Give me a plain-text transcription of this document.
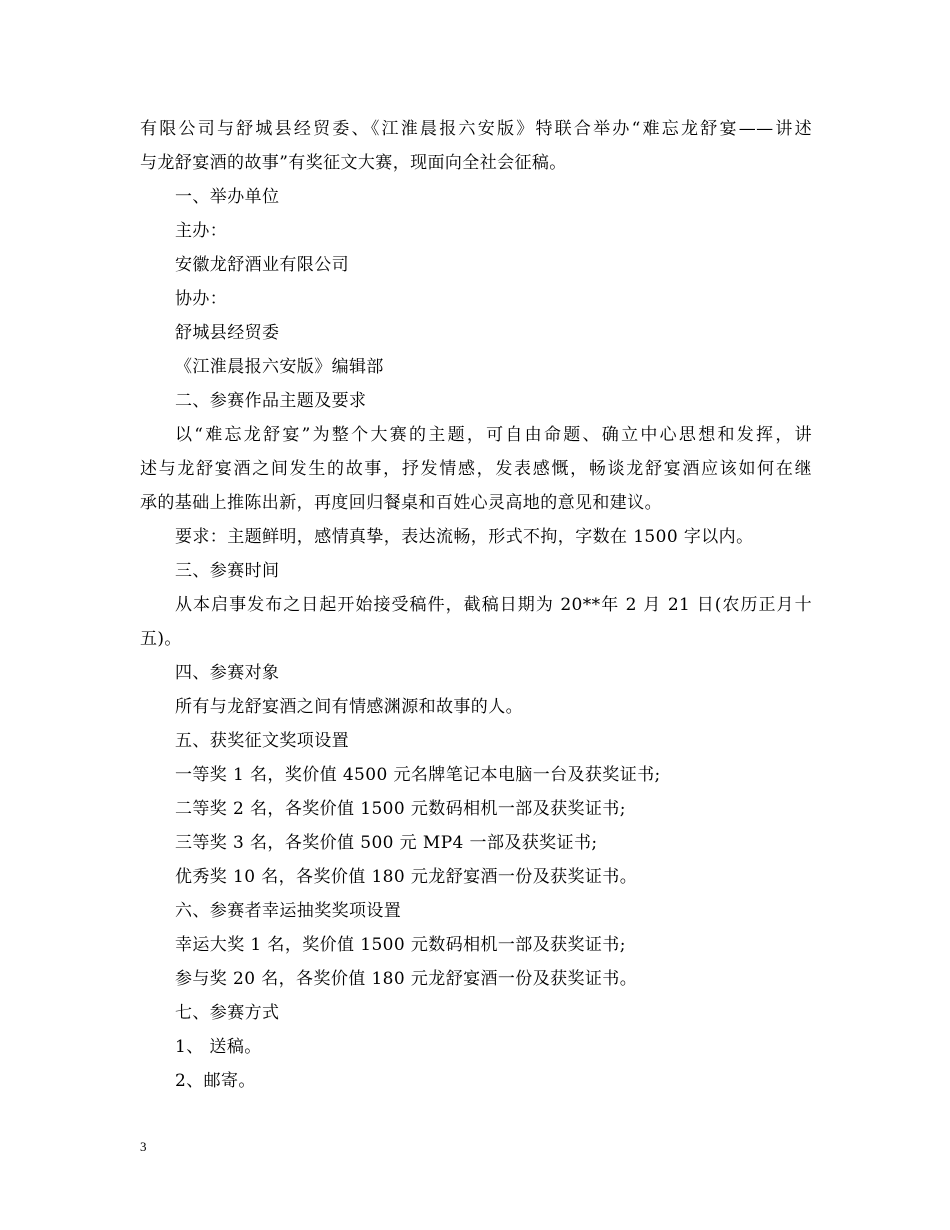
有限公司与舒城县经贸委、《江淮晨报六安版》特联合举办“难忘龙舒宴——讲述
与龙舒宴酒的故事”有奖征文大赛，现面向全社会征稿。
一、举办单位
主办：
安徽龙舒酒业有限公司
协办：
舒城县经贸委
《江淮晨报六安版》编辑部
二、参赛作品主题及要求
以“难忘龙舒宴”为整个大赛的主题，可自由命题、确立中心思想和发挥，讲
述与龙舒宴酒之间发生的故事，抒发情感，发表感慨，畅谈龙舒宴酒应该如何在继
承的基础上推陈出新，再度回归餐桌和百姓心灵高地的意见和建议。
要求：主题鲜明，感情真挚，表达流畅，形式不拘，字数在 1500 字以内。
三、参赛时间
从本启事发布之日起开始接受稿件，截稿日期为 20**年 2 月 21 日(农历正月十
五)。
四、参赛对象
所有与龙舒宴酒之间有情感渊源和故事的人。
五、获奖征文奖项设置
一等奖 1 名，奖价值 4500 元名牌笔记本电脑一台及获奖证书;
二等奖 2 名，各奖价值 1500 元数码相机一部及获奖证书;
三等奖 3 名，各奖价值 500 元 MP4 一部及获奖证书;
优秀奖 10 名，各奖价值 180 元龙舒宴酒一份及获奖证书。
六、参赛者幸运抽奖奖项设置
幸运大奖 1 名，奖价值 1500 元数码相机一部及获奖证书;
参与奖 20 名，各奖价值 180 元龙舒宴酒一份及获奖证书。
七、参赛方式
1、 送稿。
2、邮寄。
3
